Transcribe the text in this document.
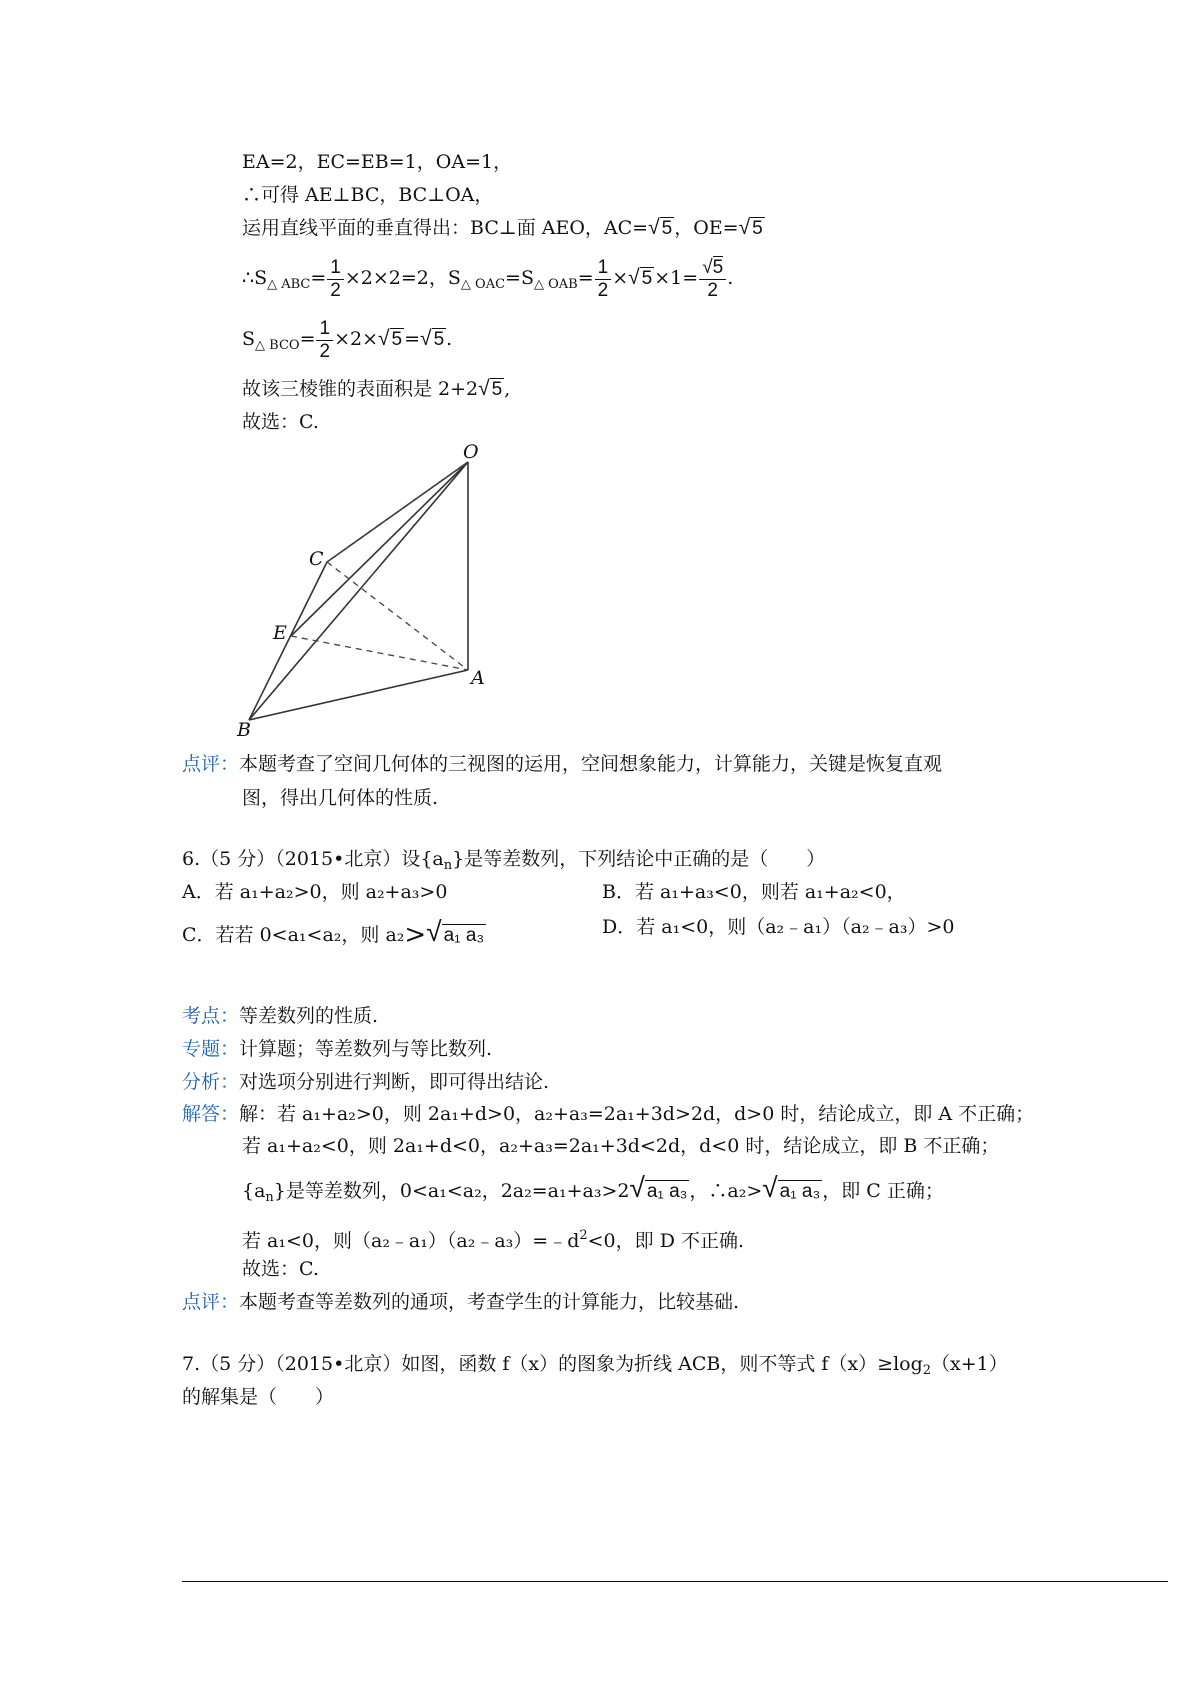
EA=2，EC=EB=1，OA=1，
∴可得 AE⊥BC，BC⊥OA，
运用直线平面的垂直得出：BC⊥面 AEO，AC=√ 5 ，OE=√ 5
$\therefore S_{\triangle ABC}= \frac{1}{2} \times 2\times 2=2$，$S_{\triangle OAC}=S_{\triangle OAB}= \frac{1}{2}$ ×√ $5 \times 1= \frac{√5}{2}$ .
$S_{\triangle BCO}= \frac{1}{2} \times 2\times√$ 5 =√ 5 .
故该三棱锥的表面积是 2+2√ 5 ,
故选：C.
O
C
E
A
B
点评：本题考查了空间几何体的三视图的运用，空间想象能力，计算能力，关键是恢复直观
图，得出几何体的性质.
6.（5 分）（2015•北京）设$\{a_n\}$是等差数列，下列结论中正确的是（　　）
A．若 a₁+a₂>0，则 a₂+a₃>0	B．若 a₁+a₃<0，则若 a₁+a₂<0，
C．若若 0<a₁<a₂，则 a₂>√ a₁ a₃	D．若 a₁<0，则（a₂﹣a₁）（a₂﹣a₃）>0
考点：等差数列的性质.
专题：计算题；等差数列与等比数列.
分析：对选项分别进行判断，即可得出结论.
解答：解：若 a₁+a₂>0，则 2a₁+d>0，a₂+a₃=2a₁+3d>2d，d>0 时，结论成立，即 A 不正确；
若 a₁+a₂<0，则 2a₁+d<0，a₂+a₃=2a₁+3d<2d，d<0 时，结论成立，即 B 不正确；
$\{a_n\}$是等差数列，0<a₁<a₂，2a₂=a₁+a₃>2√ a₁ a₃ ，∴a₂>√ a₁ a₃ ，即 C 正确；
若 a₁<0，则$(a_2﹣a_1)(a_2﹣a_3)=﹣d^2<0$，即 D 不正确.
故选：C.
点评：本题考查等差数列的通项，考查学生的计算能力，比较基础.
7.（5 分）（2015•北京）如图，函数 f（x）的图象为折线 ACB，则不等式 $f(x)\ge\log_2(x+1)$
的解集是（　　）
